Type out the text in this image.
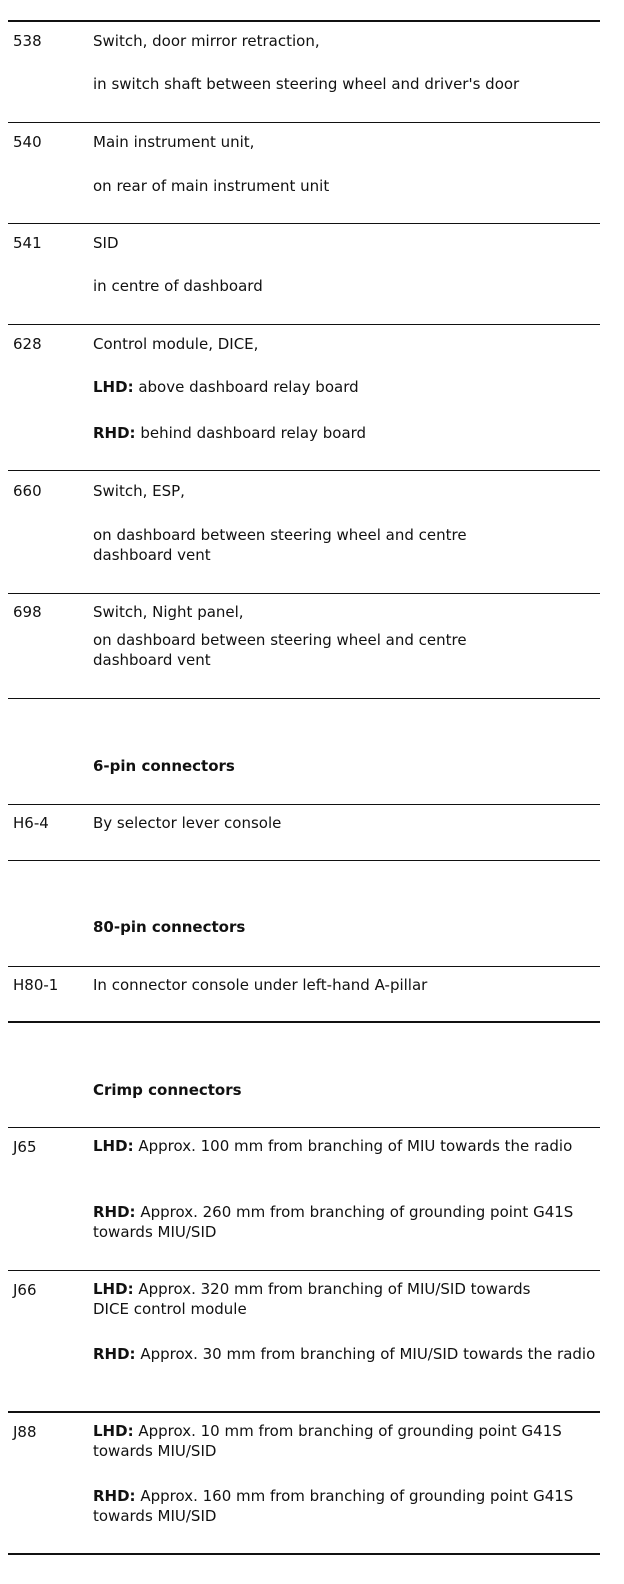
538	Switch, door mirror retraction,
in switch shaft between steering wheel and driver's door
540	Main instrument unit,
on rear of main instrument unit
541	SID
in centre of dashboard
628	Control module, DICE,
LHD: above dashboard relay board
RHD: behind dashboard relay board
660	Switch, ESP,
on dashboard between steering wheel and centre dashboard vent
698	Switch, Night panel,
on dashboard between steering wheel and centre dashboard vent
6-pin connectors
H6-4	By selector lever console
80-pin connectors
H80-1 In connector console under left-hand A-pillar
Crimp connectors
J65	LHD: Approx. 100 mm from branching of MIU towards the radio
RHD: Approx. 260 mm from branching of grounding point G41S towards MIU/SID
J66	LHD: Approx. 320 mm from branching of MIU/SID towards DICE control module
RHD: Approx. 30 mm from branching of MIU/SID towards the radio
J88	LHD: Approx. 10 mm from branching of grounding point G41S towards MIU/SID
RHD: Approx. 160 mm from branching of grounding point G41S towards MIU/SID
